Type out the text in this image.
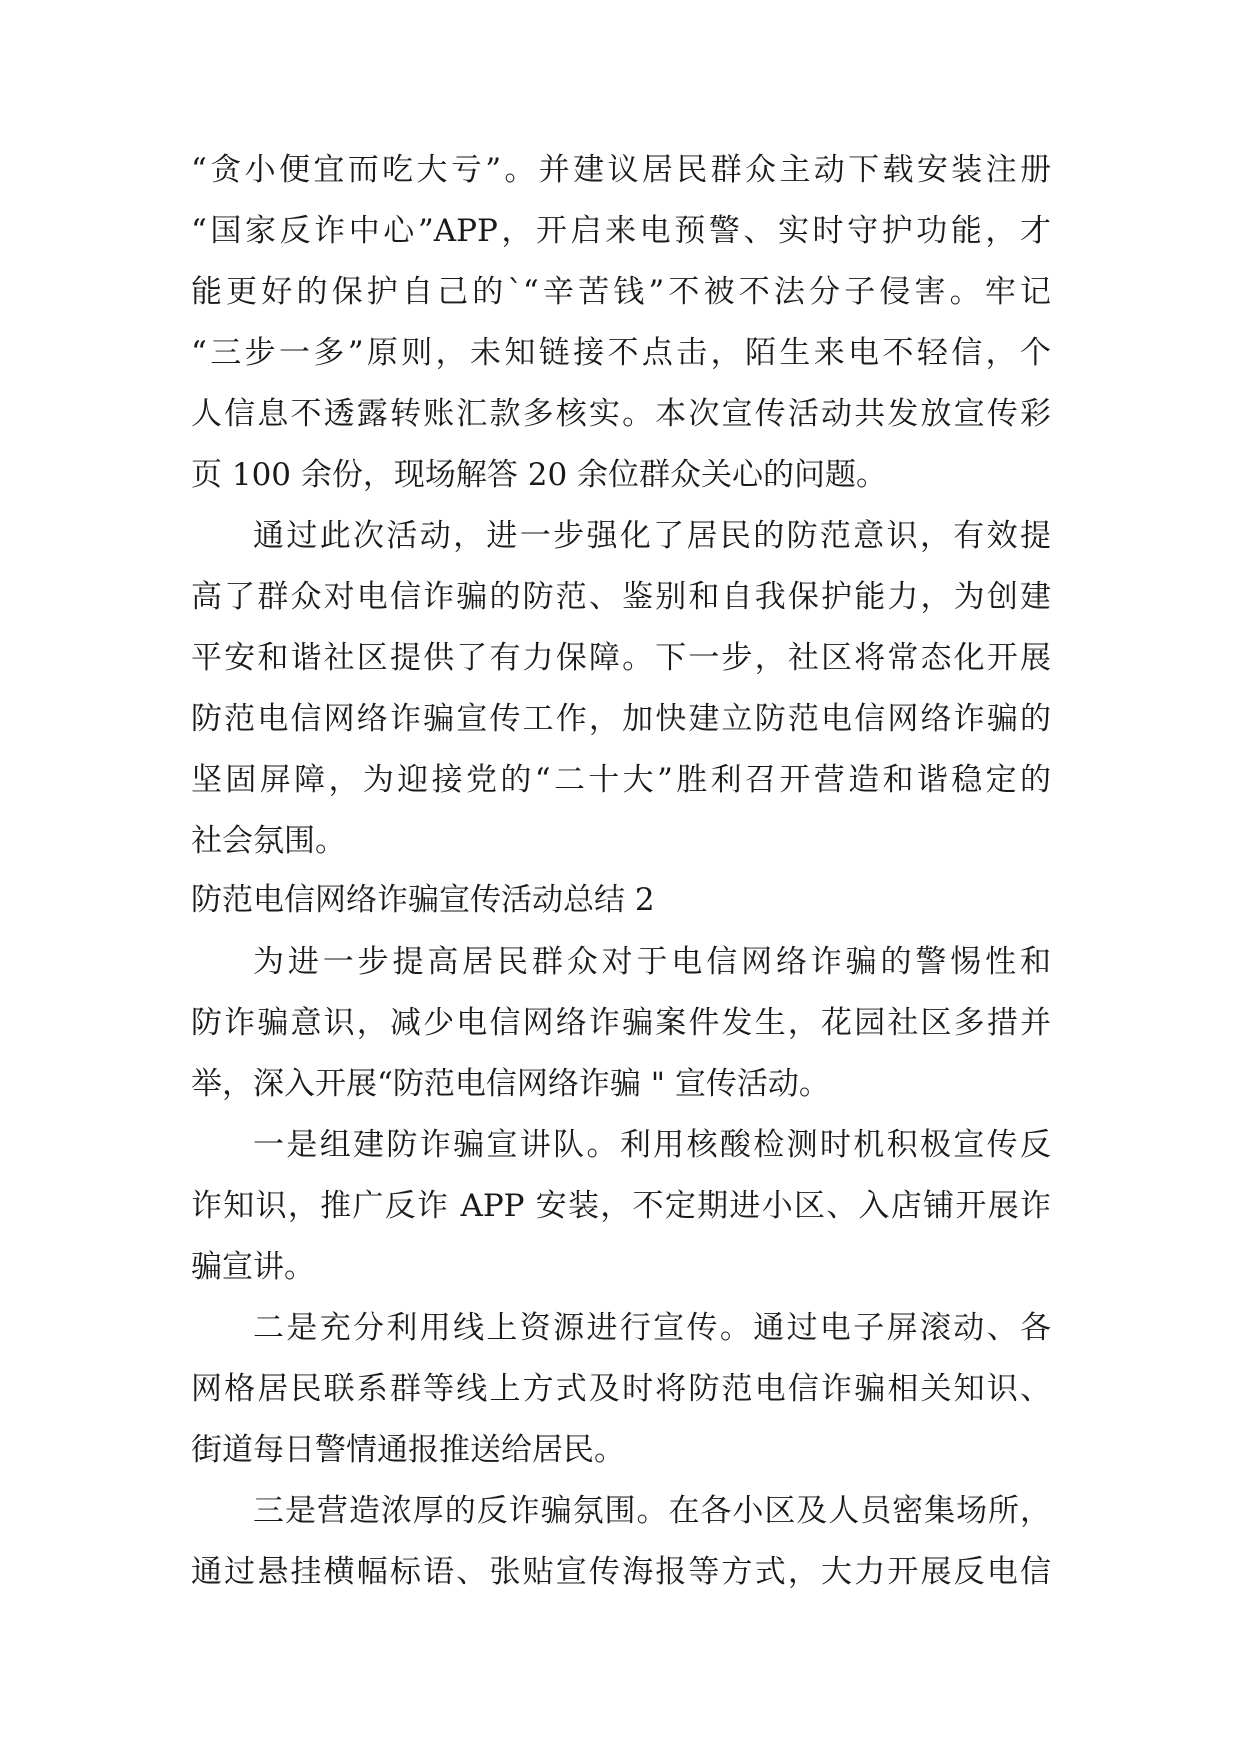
“贪小便宜而吃大亏”。并建议居民群众主动下载安装注册
“国家反诈中心”APP，开启来电预警、实时守护功能，才
能更好的保护自己的`“辛苦钱”不被不法分子侵害。牢记
“三步一多”原则，未知链接不点击，陌生来电不轻信，个
人信息不透露转账汇款多核实。本次宣传活动共发放宣传彩
页 100 余份，现场解答 20 余位群众关心的问题。
通过此次活动，进一步强化了居民的防范意识，有效提
高了群众对电信诈骗的防范、鉴别和自我保护能力，为创建
平安和谐社区提供了有力保障。下一步，社区将常态化开展
防范电信网络诈骗宣传工作，加快建立防范电信网络诈骗的
坚固屏障，为迎接党的“二十大”胜利召开营造和谐稳定的
社会氛围。
防范电信网络诈骗宣传活动总结 2
为进一步提高居民群众对于电信网络诈骗的警惕性和
防诈骗意识，减少电信网络诈骗案件发生，花园社区多措并
举，深入开展“防范电信网络诈骗 " 宣传活动。
一是组建防诈骗宣讲队。利用核酸检测时机积极宣传反
诈知识，推广反诈 APP 安装，不定期进小区、入店铺开展诈
骗宣讲。
二是充分利用线上资源进行宣传。通过电子屏滚动、各
网格居民联系群等线上方式及时将防范电信诈骗相关知识、
街道每日警情通报推送给居民。
三是营造浓厚的反诈骗氛围。在各小区及人员密集场所，
通过悬挂横幅标语、张贴宣传海报等方式，大力开展反电信
